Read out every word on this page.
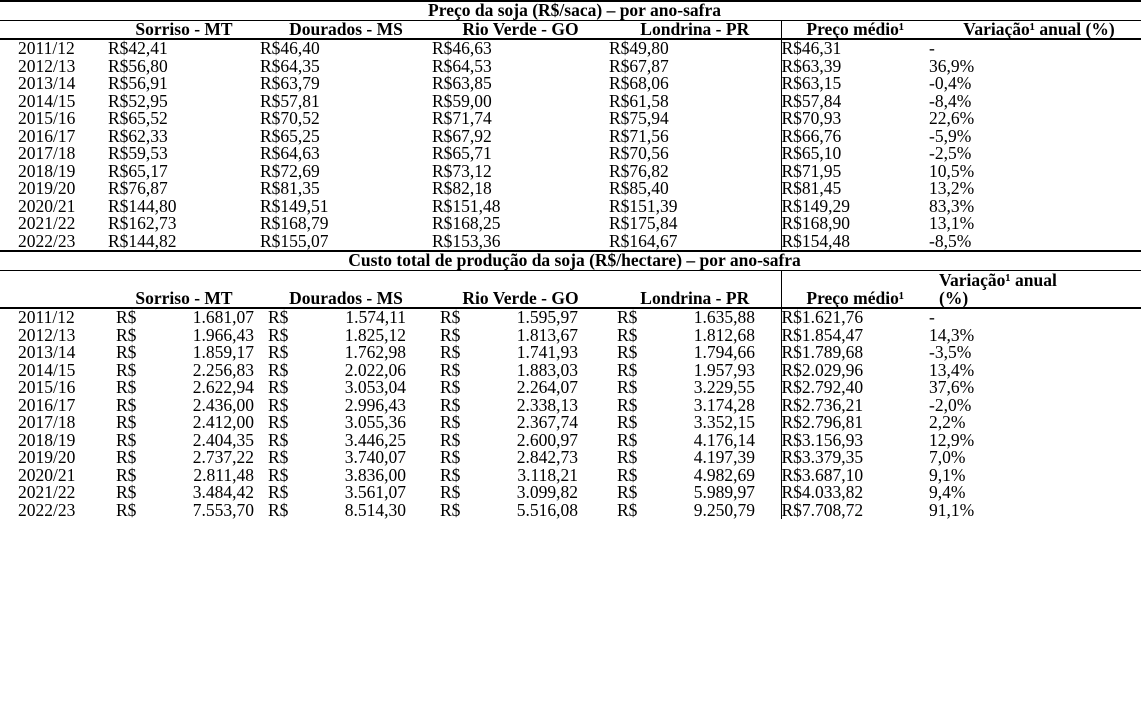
Preço da soja (R$/saca) – por ano-safra						
	Sorriso - MT	Dourados - MS	Rio Verde - GO	Londrina - PR	Preço médio¹	Variação¹ anual (%)
2011/12	R$42,41	R$46,40	R$46,63	R$49,80	R$46,31	-

2012/13	R$56,80	R$64,35	R$64,53	R$67,87	R$63,39	36,9%

2013/14	R$56,91	R$63,79	R$63,85	R$68,06	R$63,15	-0,4%

2014/15	R$52,95	R$57,81	R$59,00	R$61,58	R$57,84	-8,4%

2015/16	R$65,52	R$70,52	R$71,74	R$75,94	R$70,93	22,6%

2016/17	R$62,33	R$65,25	R$67,92	R$71,56	R$66,76	-5,9%

2017/18	R$59,53	R$64,63	R$65,71	R$70,56	R$65,10	-2,5%

2018/19	R$65,17	R$72,69	R$73,12	R$76,82	R$71,95	10,5%

2019/20	R$76,87	R$81,35	R$82,18	R$85,40	R$81,45	13,2%

2020/21	R$144,80	R$149,51	R$151,48	R$151,39	R$149,29	83,3%

2021/22	R$162,73	R$168,79	R$168,25	R$175,84	R$168,90	13,1%

2022/23	R$144,82	R$155,07	R$153,36	R$164,67	R$154,48	-8,5%
Custo total de produção da soja (R$/hectare) – por ano-safra						
	Sorriso - MT	Dourados - MS	Rio Verde - GO	Londrina - PR	Preço médio¹	Variação¹ anual
(%)

2011/12	R$ 1.681,07	R$ 1.574,11	R$ 1.595,97	R$ 1.635,88	R$1.621,76	-

2012/13	R$ 1.966,43	R$ 1.825,12	R$ 1.813,67	R$ 1.812,68	R$1.854,47	14,3%

2013/14	R$ 1.859,17	R$ 1.762,98	R$ 1.741,93	R$ 1.794,66	R$1.789,68	-3,5%

2014/15	R$ 2.256,83	R$ 2.022,06	R$ 1.883,03	R$ 1.957,93	R$2.029,96	13,4%

2015/16	R$ 2.622,94	R$ 3.053,04	R$ 2.264,07	R$ 3.229,55	R$2.792,40	37,6%

2016/17	R$ 2.436,00	R$ 2.996,43	R$ 2.338,13	R$ 3.174,28	R$2.736,21	-2,0%

2017/18	R$ 2.412,00	R$ 3.055,36	R$ 2.367,74	R$ 3.352,15	R$2.796,81	2,2%

2018/19	R$ 2.404,35	R$ 3.446,25	R$ 2.600,97	R$ 4.176,14	R$3.156,93	12,9%

2019/20	R$ 2.737,22	R$ 3.740,07	R$ 2.842,73	R$ 4.197,39	R$3.379,35	7,0%

2020/21	R$ 2.811,48	R$ 3.836,00	R$ 3.118,21	R$ 4.982,69	R$3.687,10	9,1%

2021/22	R$ 3.484,42	R$ 3.561,07	R$ 3.099,82	R$ 5.989,97	R$4.033,82	9,4%

2022/23	R$ 7.553,70	R$ 8.514,30	R$ 5.516,08	R$ 9.250,79	R$7.708,72	91,1%
